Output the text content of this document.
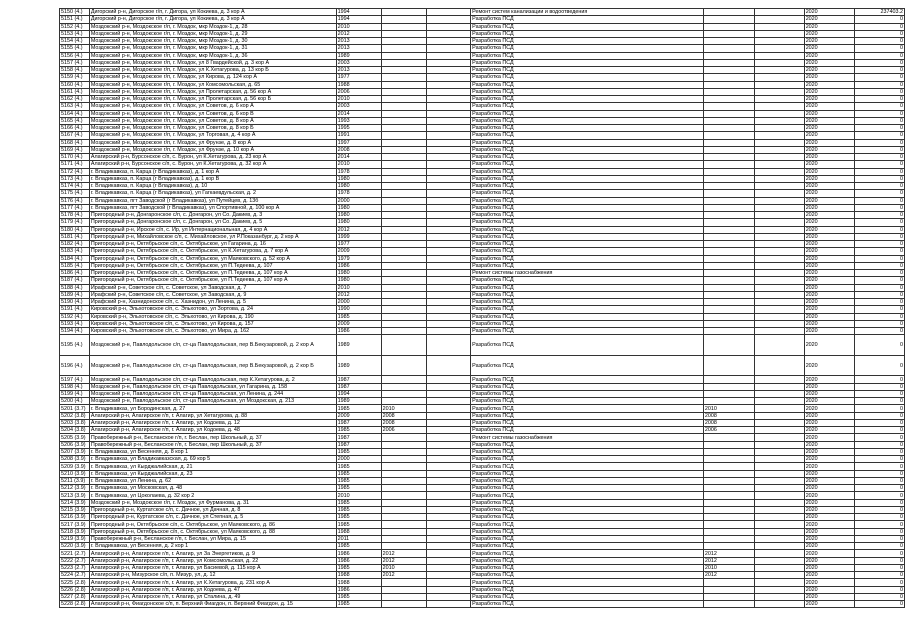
5150 (4.)	Дигорский р-н, Дигорское г/п, г. Дигора, ул Кокиева, д. 3 кор А	1994			Ремонт систем канализации и водоотведения			2020	237403.2
5151 (4.)	Дигорский р-н, Дигорское г/п, г. Дигора, ул Кокиева, д. 3 кор А	1994			Разработка ПСД			2020	0
5152 (4.)	Моздокский р-н, Моздокское г/п, г. Моздок, мкр Моздок-1, д. 28	2010			Разработка ПСД			2020	0
5153 (4.)	Моздокский р-н, Моздокское г/п, г. Моздок, мкр Моздок-1, д. 29	2012			Разработка ПСД			2020	0
5154 (4.)	Моздокский р-н, Моздокское г/п, г. Моздок, мкр Моздок-1, д. 30	2013			Разработка ПСД			2020	0
5155 (4.)	Моздокский р-н, Моздокское г/п, г. Моздок, мкр Моздок-1, д. 31	2013			Разработка ПСД			2020	0
5156 (4.)	Моздокский р-н, Моздокское г/п, г. Моздок, мкр Моздок-1, д. 36	1989			Разработка ПСД			2020	0
5157 (4.)	Моздокский р-н, Моздокское г/п, г. Моздок, ул 8 Гвардейской, д. 3 кор А	2003			Разработка ПСД			2020	0
5158 (4.)	Моздокский р-н, Моздокское г/п, г. Моздок, ул К.Хетагурова, д. 13 кор Б	2013			Разработка ПСД			2020	0
5159 (4.)	Моздокский р-н, Моздокское г/п, г. Моздок, ул Кирова, д. 124 кор А	1977			Разработка ПСД			2020	0
5160 (4.)	Моздокский р-н, Моздокское г/п, г. Моздок, ул Комсомольская, д. 65	1988			Разработка ПСД			2020	0
5161 (4.)	Моздокский р-н, Моздокское г/п, г. Моздок, ул Пролетарская, д. 56 кор А	2006			Разработка ПСД			2020	0
5162 (4.)	Моздокский р-н, Моздокское г/п, г. Моздок, ул Пролетарская, д. 56 кор Б	2010			Разработка ПСД			2020	0
5163 (4.)	Моздокский р-н, Моздокское г/п, г. Моздок, ул Советов, д. 6 кор А	2003			Разработка ПСД			2020	0
5164 (4.)	Моздокский р-н, Моздокское г/п, г. Моздок, ул Советов, д. 6 кор В	2014			Разработка ПСД			2020	0
5165 (4.)	Моздокский р-н, Моздокское г/п, г. Моздок, ул Советов, д. 8 кор А	1993			Разработка ПСД			2020	0
5166 (4.)	Моздокский р-н, Моздокское г/п, г. Моздок, ул Советов, д. 8 кор Б	1995			Разработка ПСД			2020	0
5167 (4.)	Моздокский р-н, Моздокское г/п, г. Моздок, ул Торговая, д. 4 кор А	1991			Разработка ПСД			2020	0
5168 (4.)	Моздокский р-н, Моздокское г/п, г. Моздок, ул Фрунзе, д. 8 кор А	1997			Разработка ПСД			2020	0
5169 (4.)	Моздокский р-н, Моздокское г/п, г. Моздок, ул Фрунзе, д. 10 кор А	2008			Разработка ПСД			2020	0
5170 (4.)	Алагирский р-н, Бурсонское с/п, с. Бурон, ул К.Хетагурова, д. 23 кор А	2014			Разработка ПСД			2020	0
5171 (4.)	Алагирский р-н, Бурсонское с/п, с. Бурон, ул К.Хетагурова, д. 32 кор А	2010			Разработка ПСД			2020	0
5172 (4.)	г. Владикавказ, п. Карца (г Владикавказ), д. 1 кор А	1978			Разработка ПСД			2020	0
5173 (4.)	г. Владикавказ, п. Карца (г Владикавказ), д. 1 кор В	1980			Разработка ПСД			2020	0
5174 (4.)	г. Владикавказ, п. Карца (г Владикавказ), д. 10	1980			Разработка ПСД			2020	0
5175 (4.)	г. Владикавказ, п. Карца (г Владикавказ), ул Гагкаевдульская, д. 2	1978			Разработка ПСД			2020	0
5176 (4.)	г. Владикавказ, пгт Заводской (г Владикавказ), ул Путейцев, д. 13б	2000			Разработка ПСД			2020	0
5177 (4.)	г. Владикавказ, пгт Заводской (г Владикавказ), ул Спортивной, д. 100 кор А	1980			Разработка ПСД			2020	0
5178 (4.)	Пригородный р-н, Донгаронское с/п, с. Донгарон, ул Со. Дакиев, д. 3	1980			Разработка ПСД			2020	0
5179 (4.)	Пригородный р-н, Донгаронское с/п, с. Донгарон, ул Со. Дакиев, д. 5	1980			Разработка ПСД			2020	0
5180 (4.)	Пригородный р-н, Ирское с/п, с. Ир, ул Интернациональная, д. 4 кор А	2012			Разработка ПСД			2020	0
5181 (4.)	Пригородный р-н, Михайловское с/п, с. Михайловское, ул Р.Показанбург, д. 2 кор А	1999			Разработка ПСД			2020	0
5182 (4.)	Пригородный р-н, Октябрьское с/п, с. Октябрьское, ул Гагарина, д. 16	1977			Разработка ПСД			2020	0
5183 (4.)	Пригородный р-н, Октябрьское с/п, с. Октябрьское, ул К.Хетагурова, д. 7 кор А	2009			Разработка ПСД			2020	0
5184 (4.)	Пригородный р-н, Октябрьское с/п, с. Октябрьское, ул Маяковского, д. 52 кор А	1979			Разработка ПСД			2020	0
5185 (4.)	Пригородный р-н, Октябрьское с/п, с. Октябрьское, ул П.Тедеева, д. 107	1986			Разработка ПСД			2020	0
5186 (4.)	Пригородный р-н, Октябрьское с/п, с. Октябрьское, ул П.Тедеева, д. 107 кор А	1980			Ремонт системы газоснабжения			2020	0
5187 (4.)	Пригородный р-н, Октябрьское с/п, с. Октябрьское, ул П.Тедеева, д. 107 кор А	1980			Разработка ПСД			2020	0
5188 (4.)	Ирафский р-н, Советское с/п, с. Советское, ул Заводская, д. 7	2010			Разработка ПСД			2020	0
5189 (4.)	Ирафский р-н, Советское с/п, с. Советское, ул Заводская, д. 9	2012			Разработка ПСД			2020	0
5190 (4.)	Ирафский р-н, Хазнидонское с/п, с. Хазнидон, ул Ленина, д. 5	2000			Разработка ПСД			2020	0
5191 (4.)	Кировский р-н, Эльхотовское с/п, с. Эльхотово, ул Зортова, д. 24	1990			Разработка ПСД			2020	0
5192 (4.)	Кировский р-н, Эльхотовское с/п, с. Эльхотово, ул Кирова, д. 190	1985			Разработка ПСД			2020	0
5193 (4.)	Кировский р-н, Эльхотовское с/п, с. Эльхотово, ул Кирова, д. 157	2009			Разработка ПСД			2020	0
5194 (4.)	Кировский р-н, Эльхотовское с/п, с. Эльхотово, ул Мира, д. 162	1986			Разработка ПСД			2020	0
5195 (4.)	Моздокский р-н, Павлодольское с/п, ст-ца Павлодольская, пер В.Бекузаровой, д. 2 кор А	1989			Разработка ПСД			2020	0
5196 (4.)	Моздокский р-н, Павлодольское с/п, ст-ца Павлодольская, пер В.Бекузаровой, д. 2 кор Б	1989			Разработка ПСД			2020	0
5197 (4.)	Моздокский р-н, Павлодольское с/п, ст-ца Павлодольская, пер К.Хетагурова, д. 2	1987			Разработка ПСД			2020	0
5198 (4.)	Моздокский р-н, Павлодольское с/п, ст-ца Павлодольская, ул Гагарина, д. 158	1987			Разработка ПСД			2020	0
5199 (4.)	Моздокский р-н, Павлодольское с/п, ст-ца Павлодольская, ул Ленина, д. 244	1994			Разработка ПСД			2020	0
5200 (4.)	Моздокский р-н, Павлодольское с/п, ст-ца Павлодольская, ул Моздокская, д. 213	1989			Разработка ПСД			2020	0
5201 (3.7)	г. Владикавказ, ул Бородинская, д. 27	1985	2010		Разработка ПСД	2010		2020	0
5202 (3.8)	Алагирский р-н, Алагирское г/п, г. Алагир, ул Хетагурова, д. 88	2009	2008		Разработка ПСД	2008		2020	0
5203 (3.8)	Алагирский р-н, Алагирское г/п, г. Алагир, ул Кодоева, д. 12	1987	2008		Разработка ПСД	2008		2020	0
5204 (3.8)	Алагирский р-н, Алагирское г/п, г. Алагир, ул Кодоева, д. 48	1985	2006		Разработка ПСД	2006		2020	0
5205 (3.9)	Правобережный р-н, Бесланское г/п, г. Беслан, пер Школьный, д. 37	1987			Ремонт системы газоснабжения			2020	0
5206 (3.9)	Правобережный р-н, Бесланское г/п, г. Беслан, пер Школьный, д. 37	1987			Разработка ПСД			2020	0
5207 (3.9)	г. Владикавказ, ул Весенняя, д. 8 кор 1	1985			Разработка ПСД			2020	0
5208 (3.9)	г. Владикавказ, ул Владикавказская, д. 69 кор 5	2000			Разработка ПСД			2020	0
5209 (3.9)	г. Владикавказ, ул Кырджалийская, д. 21	1985			Разработка ПСД			2020	0
5210 (3.9)	г. Владикавказ, ул Кырджалийская, д. 23	1985			Разработка ПСД			2020	0
5211 (3.9)	г. Владикавказ, ул Ленина, д. 62	1985			Разработка ПСД			2020	0
5212 (3.9)	г. Владикавказ, ул Московская, д. 48	1985			Разработка ПСД			2020	0
5213 (3.9)	г. Владикавказ, ул Цоколаева, д. 32 кор 2	2010			Разработка ПСД			2020	0
5214 (3.9)	Моздокский р-н, Моздокское г/п, г. Моздок, ул Фурманова, д. 31	1985			Разработка ПСД			2020	0
5215 (3.9)	Пригородный р-н, Куртатское с/п, с. Дачное, ул Дачная, д. 8	1985			Разработка ПСД			2020	0
5216 (3.9)	Пригородный р-н, Куртатское с/п, с. Дачное, ул Степная, д. 5	1985			Разработка ПСД			2020	0
5217 (3.9)	Пригородный р-н, Октябрьское с/п, с. Октябрьское, ул Маяковского, д. 86	1985			Разработка ПСД			2020	0
5218 (3.9)	Пригородный р-н, Октябрьское с/п, с. Октябрьское, ул Маяковского, д. 88	1988			Разработка ПСД			2020	0
5219 (3.9)	Правобережный р-н, Бесланское г/п, г. Беслан, ул Мира, д. 15	2011			Разработка ПСД			2020	0
5220 (3.9)	г. Владикавказ, ул Весенняя, д. 2 кор 1	1985			Разработка ПСД			2020	0
5221 (2.7)	Алагирский р-н, Алагирское г/п, г. Алагир, ул За Энергетиков, д. 9	1986	2012		Разработка ПСД	2012		2020	0
5222 (2.7)	Алагирский р-н, Алагирское г/п, г. Алагир, ул Комсомольская, д. 22	1986	2012		Разработка ПСД	2012		2020	0
5223 (2.7)	Алагирский р-н, Алагирское г/п, г. Алагир, ул Басиевой, д. 115 кор А	1985	2010		Разработка ПСД	2010		2020	0
5224 (2.7)	Алагирский р-н, Мизурское с/п, п. Мизур, ул, д. 12	1988	2012		Разработка ПСД	2012		2020	0
5225 (2.8)	Алагирский р-н, Алагирское г/п, г. Алагир, ул К.Хетагурова, д. 231 кор А	1988			Разработка ПСД			2020	0
5226 (2.8)	Алагирский р-н, Алагирское г/п, г. Алагир, ул Кодоева, д. 47	1986			Разработка ПСД			2020	0
5227 (2.8)	Алагирский р-н, Алагирское г/п, г. Алагир, ул Сталина, д. 49	1985			Разработка ПСД			2020	0
5228 (2.8)	Алагирский р-н, Фиагдонское с/п, п. Верхний Фиагдон, п. Верхний Фиагдон, д. 15	1985			Разработка ПСД			2020	0
